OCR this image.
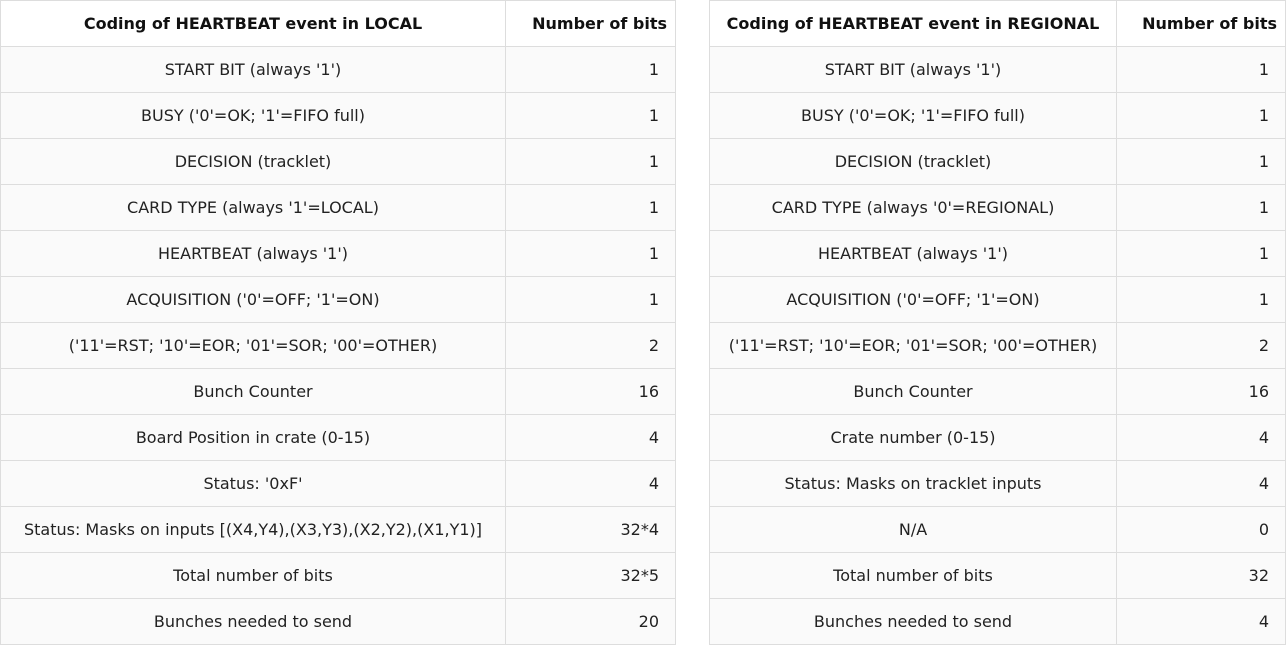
Coding of HEARTBEAT event in LOCAL	Number of bits
START BIT (always '1')	1
BUSY ('0'=OK; '1'=FIFO full)	1
DECISION (tracklet)	1
CARD TYPE (always '1'=LOCAL)	1
HEARTBEAT (always '1')	1
ACQUISITION ('0'=OFF; '1'=ON)	1
('11'=RST; '10'=EOR; '01'=SOR; '00'=OTHER)	2
Bunch Counter	16
Board Position in crate (0-15)	4
Status: '0xF'	4
Status: Masks on inputs [(X4,Y4),(X3,Y3),(X2,Y2),(X1,Y1)]	32*4
Total number of bits	32*5
Bunches needed to send	20
Coding of HEARTBEAT event in REGIONAL	Number of bits
START BIT (always '1')	1
BUSY ('0'=OK; '1'=FIFO full)	1
DECISION (tracklet)	1
CARD TYPE (always '0'=REGIONAL)	1
HEARTBEAT (always '1')	1
ACQUISITION ('0'=OFF; '1'=ON)	1
('11'=RST; '10'=EOR; '01'=SOR; '00'=OTHER)	2
Bunch Counter	16
Crate number (0-15)	4
Status: Masks on tracklet inputs	4
N/A	0
Total number of bits	32
Bunches needed to send	4
